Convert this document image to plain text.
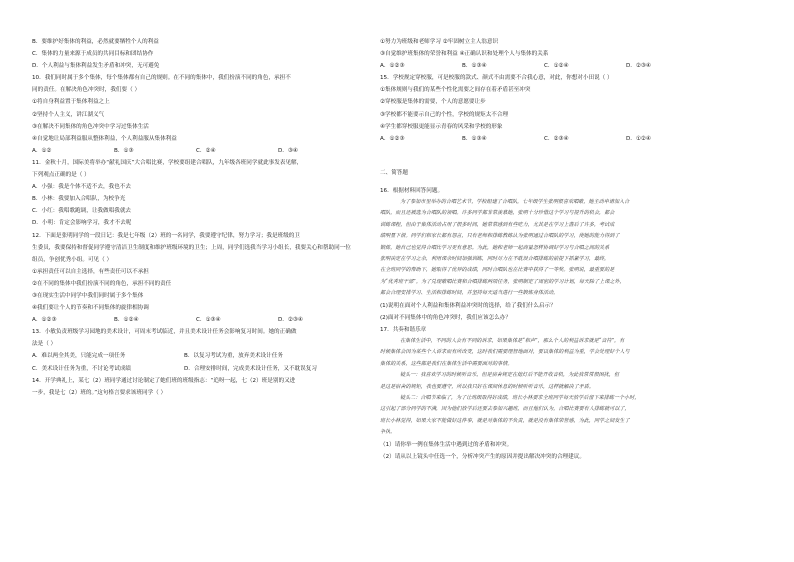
B．要维护好集体的利益，必然就要牺牲个人的利益
C．集体的力量来源于成员的共同目标和团结协作
D．个人利益与集体利益发生矛盾和冲突，无可避免
10．我们同时属于多个集体，每个集体都有自己的规则。在不同的集体中，我们扮演不同的角色，承担不
同的责任。在解决角色冲突时，我们要（ ）
①将自身利益置于集体利益之上
②坚持个人主义，讲江湖义气
③在解决不同集体的角色冲突中学习过集体生活
④自觉地让局部利益服从整体利益，个人利益服从集体利益
A．①②	B．①③	C．②④	D．③④
11．金秋十月，国际美将举办“献礼国庆”大合唱比赛，学校要组建合唱队，九年级各班同学就此事发表见解，
下列观点正确的是（ ）
A．小强：我是个体不适不去，我也不去
B．小林：我要加入合唱队，为校争光
C．小红：我唱歌跑调，让我做唱我就去
D．小明：肯定会影响学习，我才不去呢
12．下面是张明同学的一段日记：我是七年级（2）班的一名同学，我要遵守纪律，努力学习；我是班级的卫
生委员，我要保持和督促同学遵守清洁卫生制度和维护班级环境的卫生；上周，同学们选我当学习小组长，我要关心和帮助同一位
组员，争创优秀小组。可见（ ）
①承担责任可以自主选择，有些责任可以不承担
②在不同的集体中我们扮演不同的角色，承担不同的责任
③在现实生活中同学中我们同时属于多个集体
④我们要让个人的节奏和不同集体的旋律相协调
A．①②③	B．①②④	C．①③④	D．②③④
13．小敏负责班级学习园地的美术设计，可周末考试临近，并且美术设计任务会影响复习时间。她的正确做
法是（ ）
A．难以两全其美，只能完成一项任务	B．以复习考试为重，放弃美术设计任务
C．美术设计任务为重，不讨论考试成绩	D．合理安排时间，完成美术设计任务，又不耽误复习
14．开学典礼上，某七（2）班同学通过讨论制定了她们班的班级指志：“追呀一起，七（2）班是别的又进
一步，我是七（2）班的。”这句格言要求该班同学（ ）
①努力为班级和老师学习 ②牢固树立主人翁意识
③自觉维护班集体的荣誉和利益 ④正确认识和处理个人与集体的关系
A．①②③	B．①③④	C．①②④	D．②③④
15．学校规定穿校服，可是校服的款式、颜式不由需要不合我心意，对此，你想对小田说（ ）
①集体规则与我们的某些个性化需要之间存在着矛盾甚至冲突
②穿校服是集体的需要，个人的意愿要让步
③学校都不能要示自己的个性，学校的规矩太不合理
④学生都穿校服更能显示青春的风采和学校的形象
A．①②③	B．①③④	C．②③④	D．①②④
二、简答题
16．根据材料回答问题。
为了参加市里举办的合唱艺术节，学校组建了合唱队，七年级学生张明很喜欢唱歌，她主动申请加入合
唱队，而且还被选为合唱队的领唱。许多同学都非常羡慕她，张明十分珍惜这个学习与提升的机会，都会
训练课程，但由于集体活动占用了很多时间，她常常感到有些吃力，尤其是在学习上落后了许多，考试成
绩明显下滑。同学们和家长都有怨言，只有老师和排练教练认为张明通过合唱队的学习，使她的能力得到了
锻炼，她自己也觉得合唱比学习更有意思。为此，她和老师一起商量怎样协调好学习与合唱之间的关系
张明决定在学习之余，利用课余时间加强训练，同时尽力在不耽误合唱排练的前提下抓紧学习，最终，
在全班同学的帮助下，她取得了优异的成绩，同时合唱队也在比赛中获得了一等奖。张明说，最重要的是
为“优秀班干部”。为了兑现歌唱比赛和合唱排练两项任务，张明制定了周密的学习计划，每天除了上课之外，
都会合理安排学习、生活和排练时间，并坚持每天适当进行一些锻炼身体活动。
(1)说明在面对个人利益和集体利益冲突时的选择，给了我们什么启示？
(2)面对不同集体中的角色冲突时，我们应该怎么办？
17．共奏和谐乐章
在集体生活中，不同的人会有不同的诉求，如果集体是“和声”，那么个人的利益诉求就是“音符”，有
时候集体会因为某些个人诉求而有所改变，这时我们需要理智地面对，要以集体的利益为重，学会处理好个人与
集体的关系，这些都是我们在集体生活中需要面对的事情。
镜头一：我喜欢学习的时候听音乐，但是宿舍规定在熄灯后不能开收音机，为此我常常很困扰，但
是这是宿舍的规矩，我也要遵守，所以我只好在课间休息的时候听听音乐，这样就解决了矛盾。
镜头二：合唱节来临了，为了让班级取得好成绩，班长小林要求全班同学每天放学后留下来排练一个小时，
这引起了部分同学的不满，因为他们放学后还要去参加兴趣班，而且他们认为，合唱比赛要有人排练就可以了，
班长小林觉得，如果大家不能做好这件事，就是对集体的不负责，就是没有集体荣誉感，为此，同学之间发生了
争执。
（1）请你举一例在集体生活中遇到过的矛盾和冲突。
（2）请从以上镜头中任选一个，分析冲突产生的原因并提出解决冲突的合理建议。
